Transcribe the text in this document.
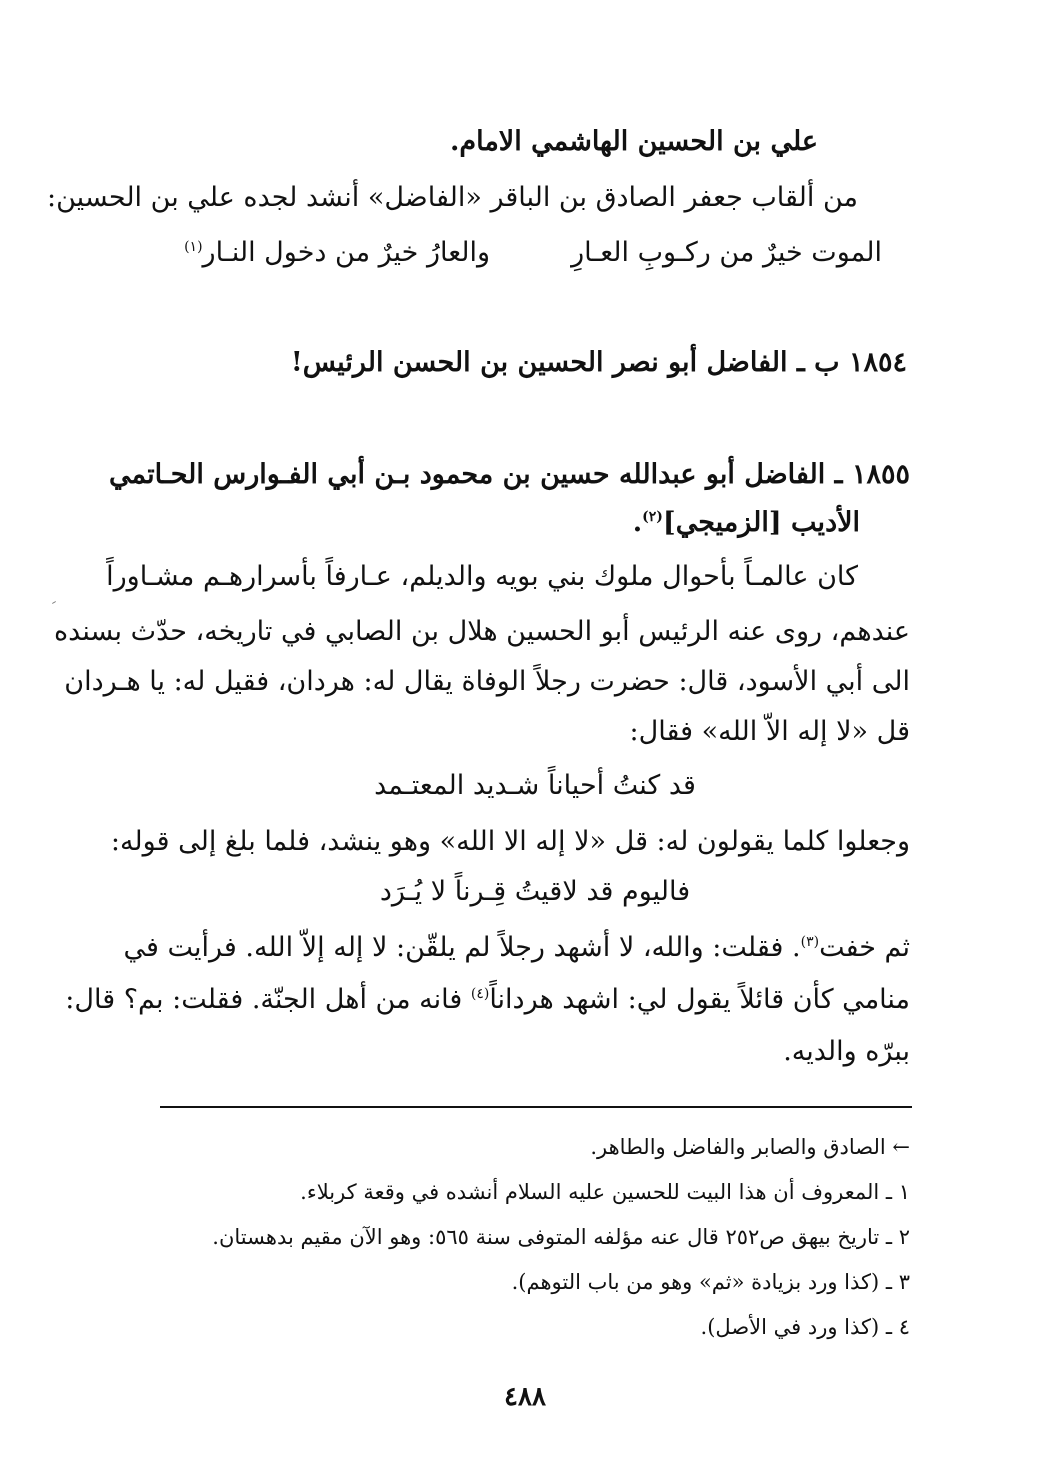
علي بن الحسين الهاشمي الامام.
من ألقاب جعفر الصادق بن الباقر «الفاضل» أنشد لجده علي بن الحسين:
الموت خيرٌ من ركـوبِ العـارِ
والعارُ خيرٌ من دخول النـار$^{(١)}$
١٨٥٤ ب ـ الفاضل أبو نصر الحسين بن الحسن الرئيس!
١٨٥٥ ـ الفاضل أبو عبدالله حسين بن محمود بـن أبي الفـوارس الحـاتمي
الأديب [الزميجي]$^{(٢)}$.
كان عالمـاً بأحوال ملوك بني بويه والديلم، عـارفاً بأسرارهـم مشـاوراً
عندهم، روى عنه الرئيس أبو الحسين هلال بن الصابي في تاريخه، حدّث بسنده
الى أبي الأسود، قال: حضرت رجلاً الوفاة يقال له: هردان، فقيل له: يا هـردان
قل «لا إله الاّ الله» فقال:
قد كنتُ أحياناً شـديد المعتـمد
وجعلوا كلما يقولون له: قل «لا إله الا الله» وهو ينشد، فلما بلغ إلى قوله:
فاليوم قد لاقيتُ قِـرناً لا يُـرَد
ثم خفت$^{(٣)}$. فقلت: والله، لا أشهد رجلاً لم يلقّن: لا إله إلاّ الله. فرأيت في
منامي كأن قائلاً يقول لي: اشهد هرداناً$^{(٤)}$ فانه من أهل الجنّة. فقلت: بم؟ قال:
ببرّه والديه.
← الصادق والصابر والفاضل والطاهر.
١ ـ المعروف أن هذا البيت للحسين عليه السلام أنشده في وقعة كربلاء.
٢ ـ تاريخ بيهق ص٢٥٢ قال عنه مؤلفه المتوفى سنة ٥٦٥: وهو الآن مقيم بدهستان.
٣ ـ (كذا ورد بزيادة «ثم» وهو من باب التوهم).
٤ ـ (كذا ورد في الأصل).
٤٨٨
